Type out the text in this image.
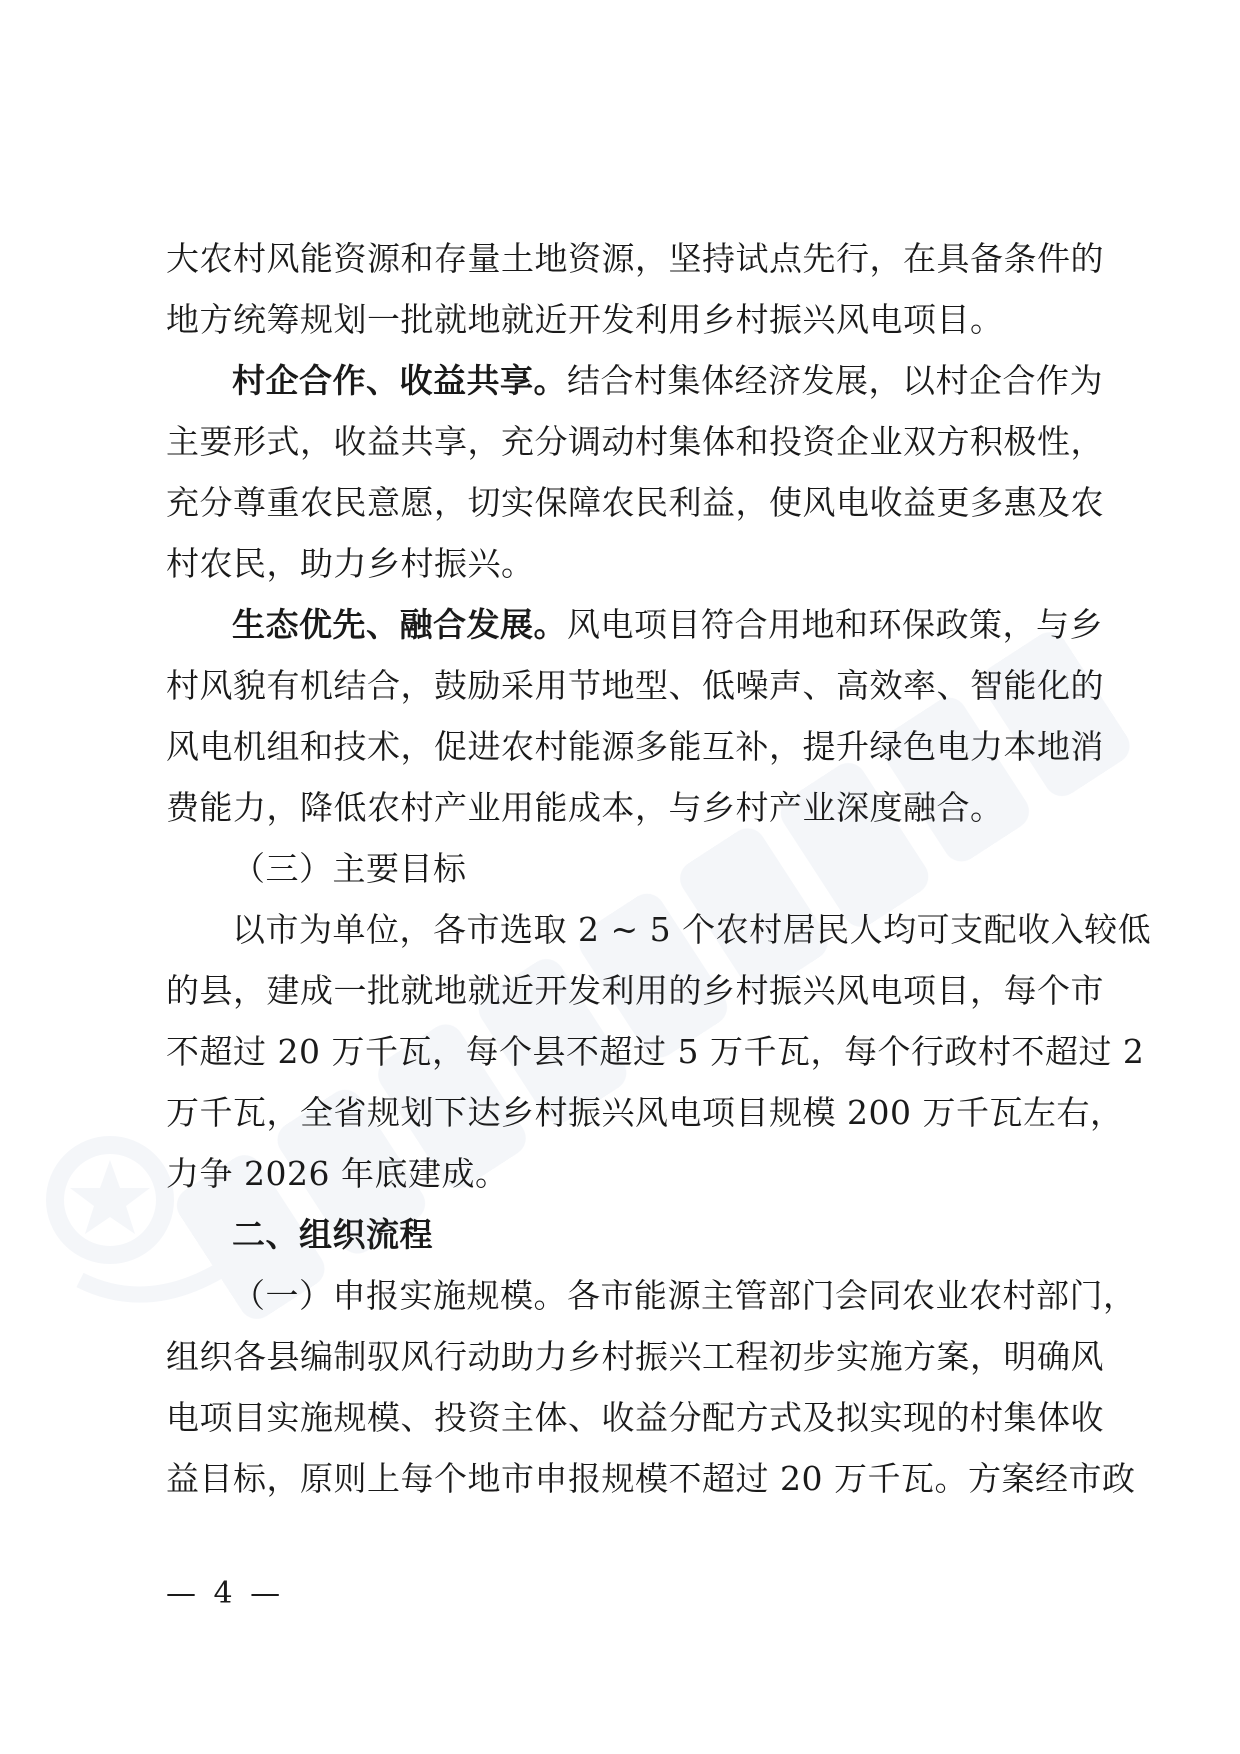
大农村风能资源和存量土地资源，坚持试点先行，在具备条件的
地方统筹规划一批就地就近开发利用乡村振兴风电项目。
村企合作、收益共享。结合村集体经济发展，以村企合作为
主要形式，收益共享，充分调动村集体和投资企业双方积极性，
充分尊重农民意愿，切实保障农民利益，使风电收益更多惠及农
村农民，助力乡村振兴。
生态优先、融合发展。风电项目符合用地和环保政策，与乡
村风貌有机结合，鼓励采用节地型、低噪声、高效率、智能化的
风电机组和技术，促进农村能源多能互补，提升绿色电力本地消
费能力，降低农村产业用能成本，与乡村产业深度融合。
（三）主要目标
以市为单位，各市选取 2 ~ 5 个农村居民人均可支配收入较低
的县，建成一批就地就近开发利用的乡村振兴风电项目，每个市
不超过 20 万千瓦，每个县不超过 5 万千瓦，每个行政村不超过 2
万千瓦，全省规划下达乡村振兴风电项目规模 200 万千瓦左右，
力争 2026 年底建成。
二、组织流程
（一）申报实施规模。各市能源主管部门会同农业农村部门，
组织各县编制驭风行动助力乡村振兴工程初步实施方案，明确风
电项目实施规模、投资主体、收益分配方式及拟实现的村集体收
益目标，原则上每个地市申报规模不超过 20 万千瓦。方案经市政
— 4 —
